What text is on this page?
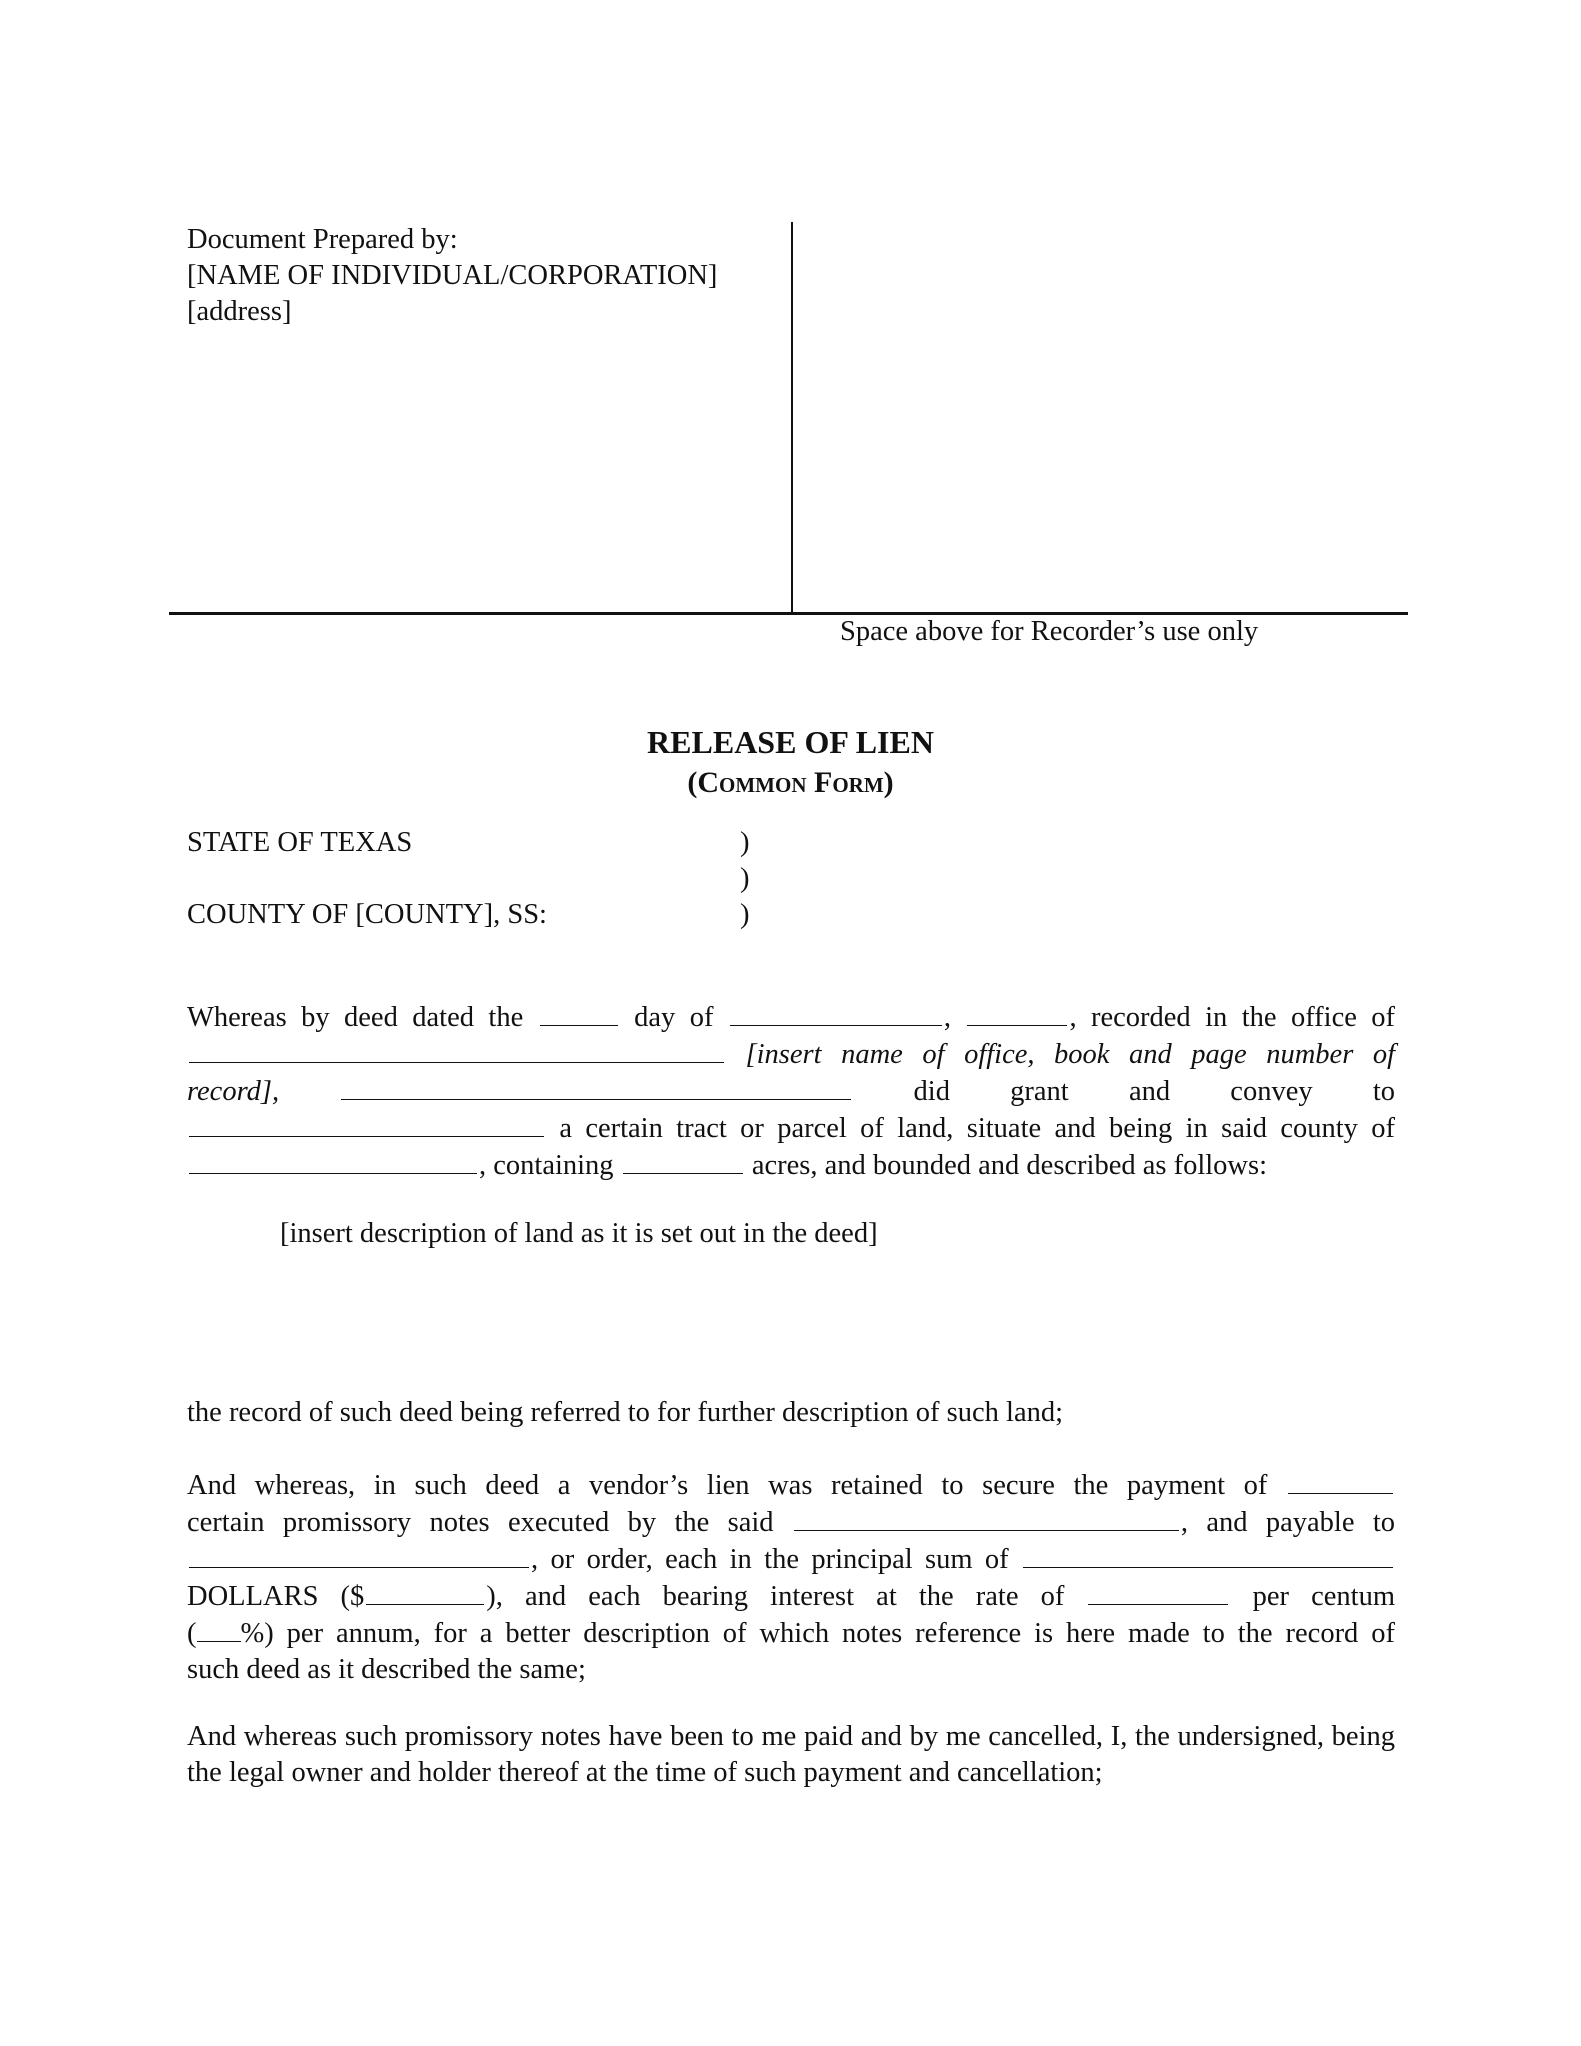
Document Prepared by:
[NAME OF INDIVIDUAL/CORPORATION]
[address]
Space above for Recorder’s use only
RELEASE OF LIEN
(Common Form)
STATE OF TEXAS
COUNTY OF [COUNTY], SS:
)
)
)
Whereas by deed dated the	day of	,	, recorded in the office of
[insert name of office, book and page number of
record],	did grant and convey to
a certain tract or parcel of land, situate and being in said county of
, containing	acres, and bounded and described as follows:
[insert description of land as it is set out in the deed]
the record of such deed being referred to for further description of such land;
And whereas, in such deed a vendor’s lien was retained to secure the payment of
certain promissory notes executed by the said	, and payable to
, or order, each in the principal sum of
DOLLARS ($	), and each bearing interest at the rate of	per centum
( %) per annum, for a better description of which notes reference is here made to the record of
such deed as it described the same;
And whereas such promissory notes have been to me paid and by me cancelled, I, the undersigned, being the legal owner and holder thereof at the time of such payment and cancellation;
